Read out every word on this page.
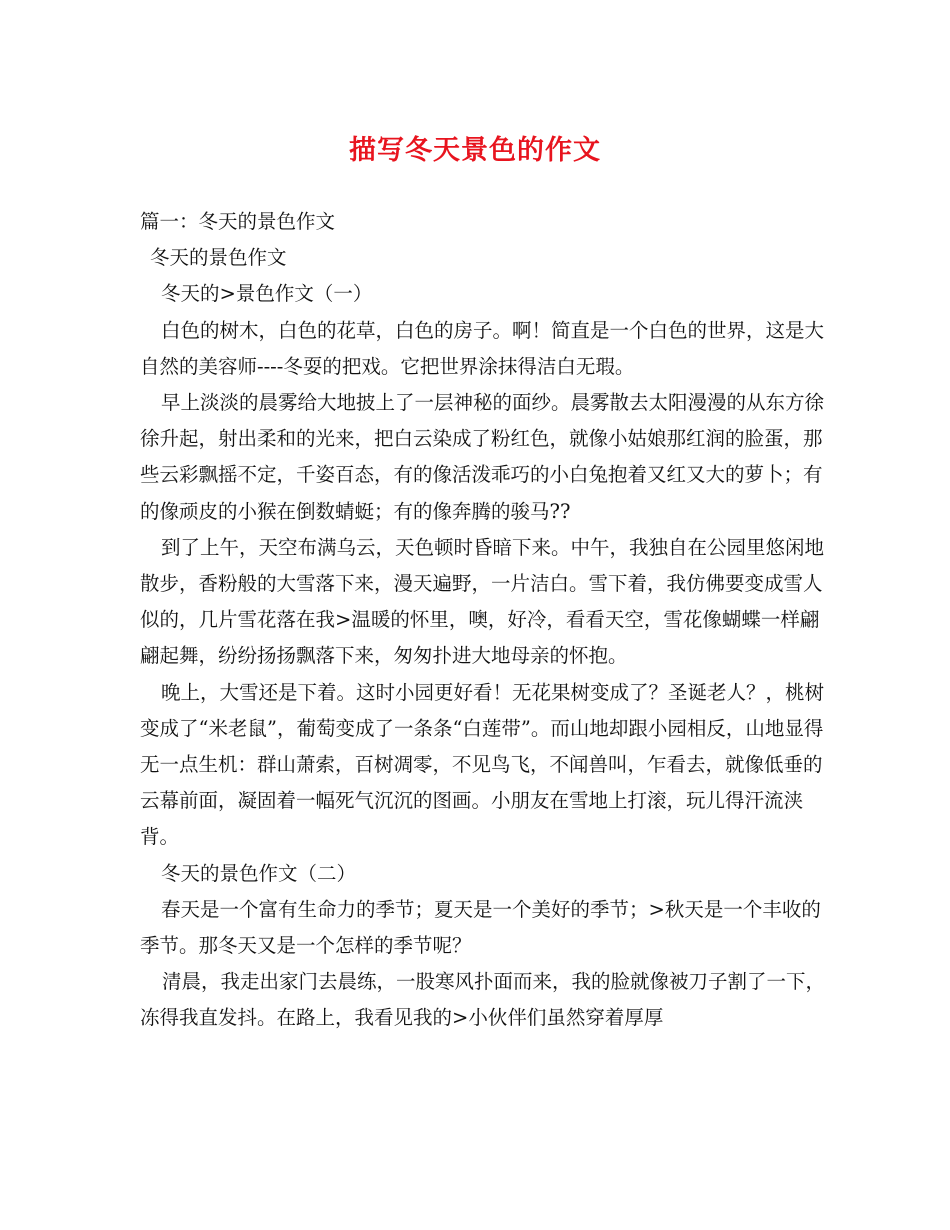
描写冬天景色的作文

篇一：冬天的景色作文

冬天的景色作文

冬天的>景色作文（一）

白色的树木，白色的花草，白色的房子。啊！简直是一个白色的世界，这是大自然的美容师----冬耍的把戏。它把世界涂抹得洁白无瑕。

早上淡淡的晨雾给大地披上了一层神秘的面纱。晨雾散去太阳漫漫的从东方徐徐升起，射出柔和的光来，把白云染成了粉红色，就像小姑娘那红润的脸蛋，那些云彩飘摇不定，千姿百态，有的像活泼乖巧的小白兔抱着又红又大的萝卜；有的像顽皮的小猴在倒数蜻蜓；有的像奔腾的骏马??

到了上午，天空布满乌云，天色顿时昏暗下来。中午，我独自在公园里悠闲地散步，香粉般的大雪落下来，漫天遍野，一片洁白。雪下着，我仿佛要变成雪人似的，几片雪花落在我>温暖的怀里，噢，好冷，看看天空，雪花像蝴蝶一样翩翩起舞，纷纷扬扬飘落下来，匆匆扑进大地母亲的怀抱。

晚上，大雪还是下着。这时小园更好看！无花果树变成了？圣诞老人？，桃树变成了“米老鼠”，葡萄变成了一条条“白莲带”。而山地却跟小园相反，山地显得无一点生机：群山萧索，百树凋零，不见鸟飞，不闻兽叫，乍看去，就像低垂的云幕前面，凝固着一幅死气沉沉的图画。小朋友在雪地上打滚，玩儿得汗流浃背。

冬天的景色作文（二）

春天是一个富有生命力的季节；夏天是一个美好的季节；>秋天是一个丰收的季节。那冬天又是一个怎样的季节呢？

清晨，我走出家门去晨练，一股寒风扑面而来，我的脸就像被刀子割了一下，冻得我直发抖。在路上，我看见我的>小伙伴们虽然穿着厚厚
